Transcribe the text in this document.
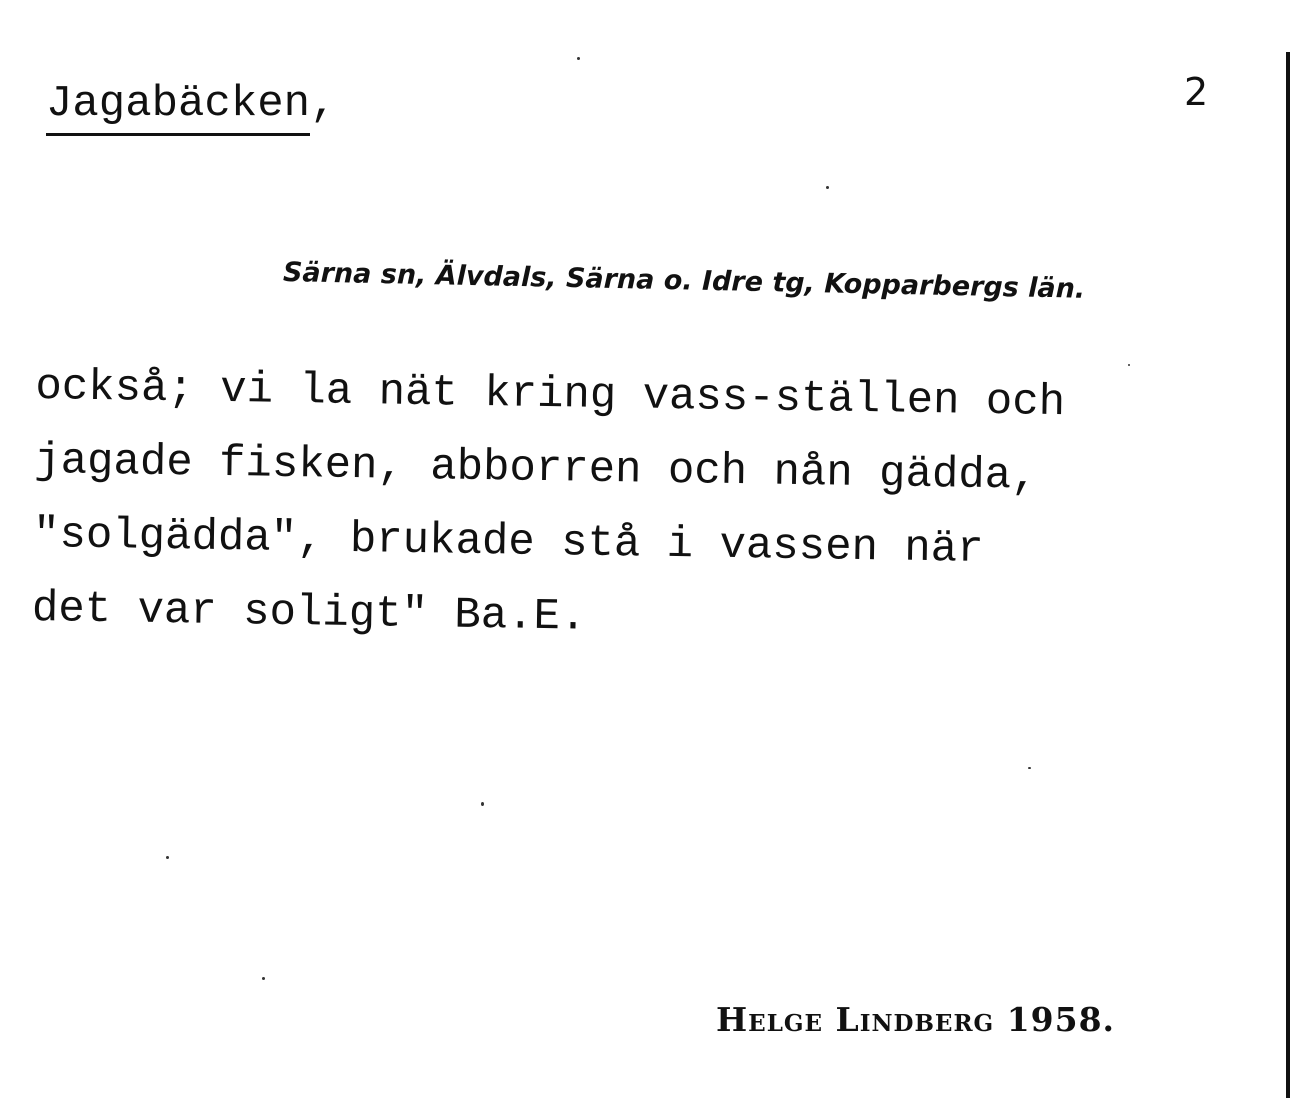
Jagabäcken,	2
Särna sn, Älvdals, Särna o. Idre tg, Kopparbergs län.
också; vi la nät kring vass-ställen och
jagade fisken, abborren och nån gädda,
"solgädda", brukade stå i vassen när
det var soligt" Ba.E.
Helge Lindberg 1958.
